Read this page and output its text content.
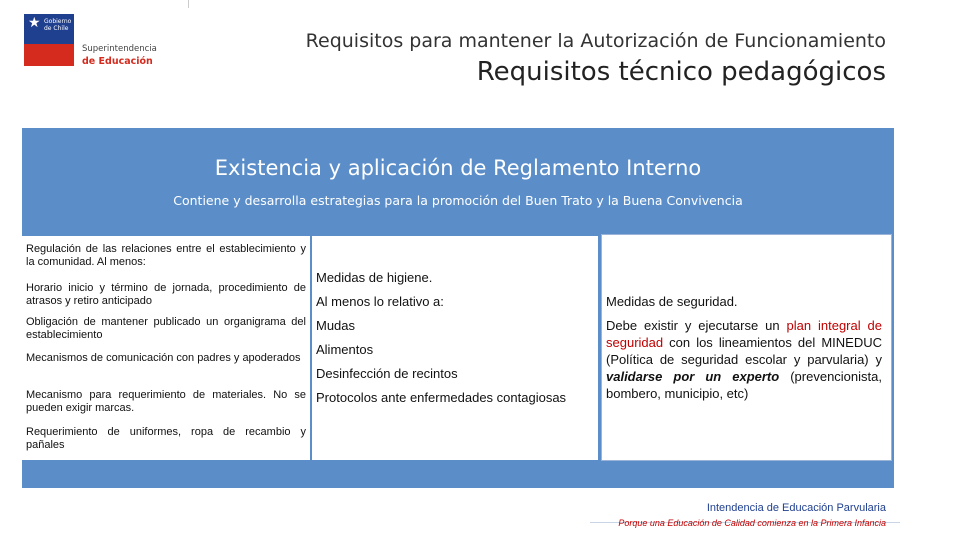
★ Gobierno de Chile
Superintendencia
de Educación
Requisitos para mantener la Autorización de Funcionamiento
Requisitos técnico pedagógicos
Existencia y aplicación de Reglamento Interno
Contiene y desarrolla estrategias para la promoción del Buen Trato y la Buena Convivencia
Regulación de las relaciones entre el establecimiento y la comunidad. Al menos:
Horario inicio y término de jornada, procedimiento de atrasos y retiro anticipado
Obligación de mantener publicado un organigrama del establecimiento
Mecanismos de comunicación con padres y apoderados
Mecanismo para requerimiento de materiales. No se pueden exigir marcas.
Requerimiento de uniformes, ropa de recambio y pañales
Medidas de higiene.
Al menos lo relativo a:
Mudas
Alimentos
Desinfección de recintos
Protocolos ante enfermedades contagiosas
Medidas de seguridad.
Debe existir y ejecutarse un plan integral de seguridad con los lineamientos del MINEDUC (Política de seguridad escolar y parvularia) y validarse por un experto (prevencionista, bombero, municipio, etc)
Intendencia de Educación Parvularia
Porque una Educación de Calidad comienza en la Primera Infancia
